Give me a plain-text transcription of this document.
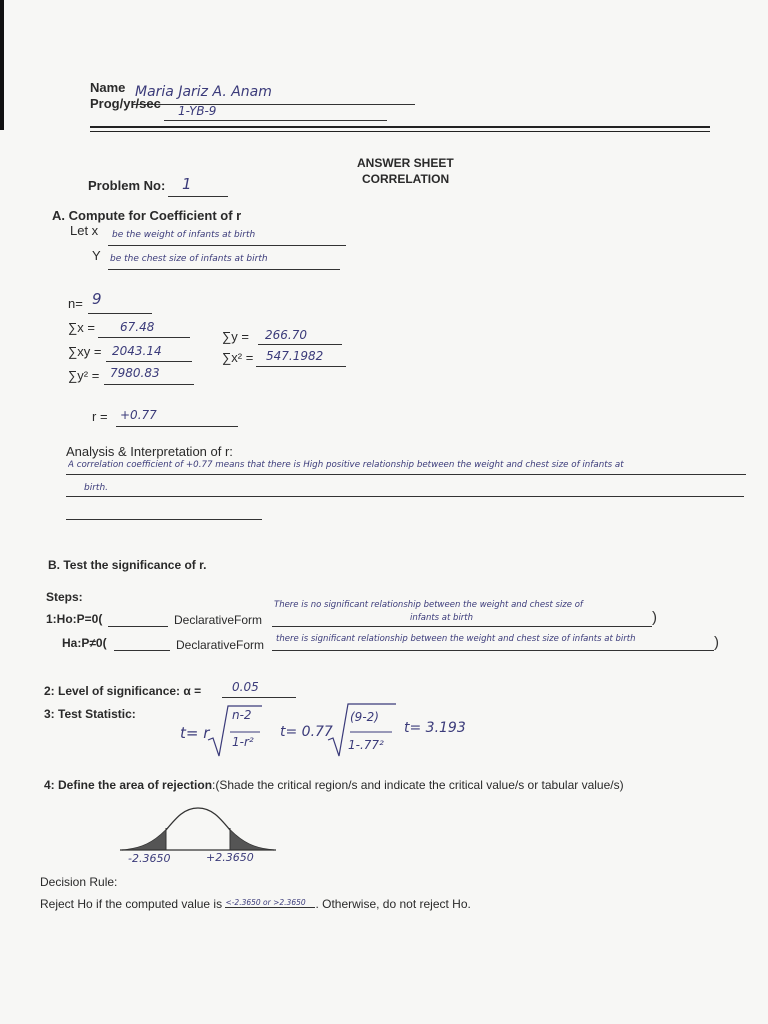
Name Maria Jariz A. Anam
Prog/yr/sec 1-YB-9
ANSWER SHEET
CORRELATION
Problem No: 1
A. Compute for Coefficient of r
Let x be the weight of infants at birth
Y be the chest size of infants at birth
n= 9
∑x = 67.48
∑y = 266.70
∑xy = 2043.14	∑x² = 547.1982
∑y² = 7980.83
r = +0.77
Analysis & Interpretation of r:
A correlation coefficient of +0.77 means that there is High positive relationship between the weight and chest size of infants at
birth.
B. Test the significance of r.
Steps:
1:Ho:P=0(	DeclarativeForm
There is no significant relationship between the weight and chest size of
infants at birth	)
Ha:P≠0(	DeclarativeForm there is significant relationship between the weight and chest size of infants at birth	)
2: Level of significance: α =	0.05
3: Test Statistic:
t= r
n-2
1-r²
t= 0.77
(9-2)
1-.77²
t= 3.193
4: Define the area of rejection:(Shade the critical region/s and indicate the critical value/s or tabular value/s)
-2.3650	+2.3650
Decision Rule:
Reject Ho if the computed value is <-2.3650 or >2.3650 . Otherwise, do not reject Ho.
